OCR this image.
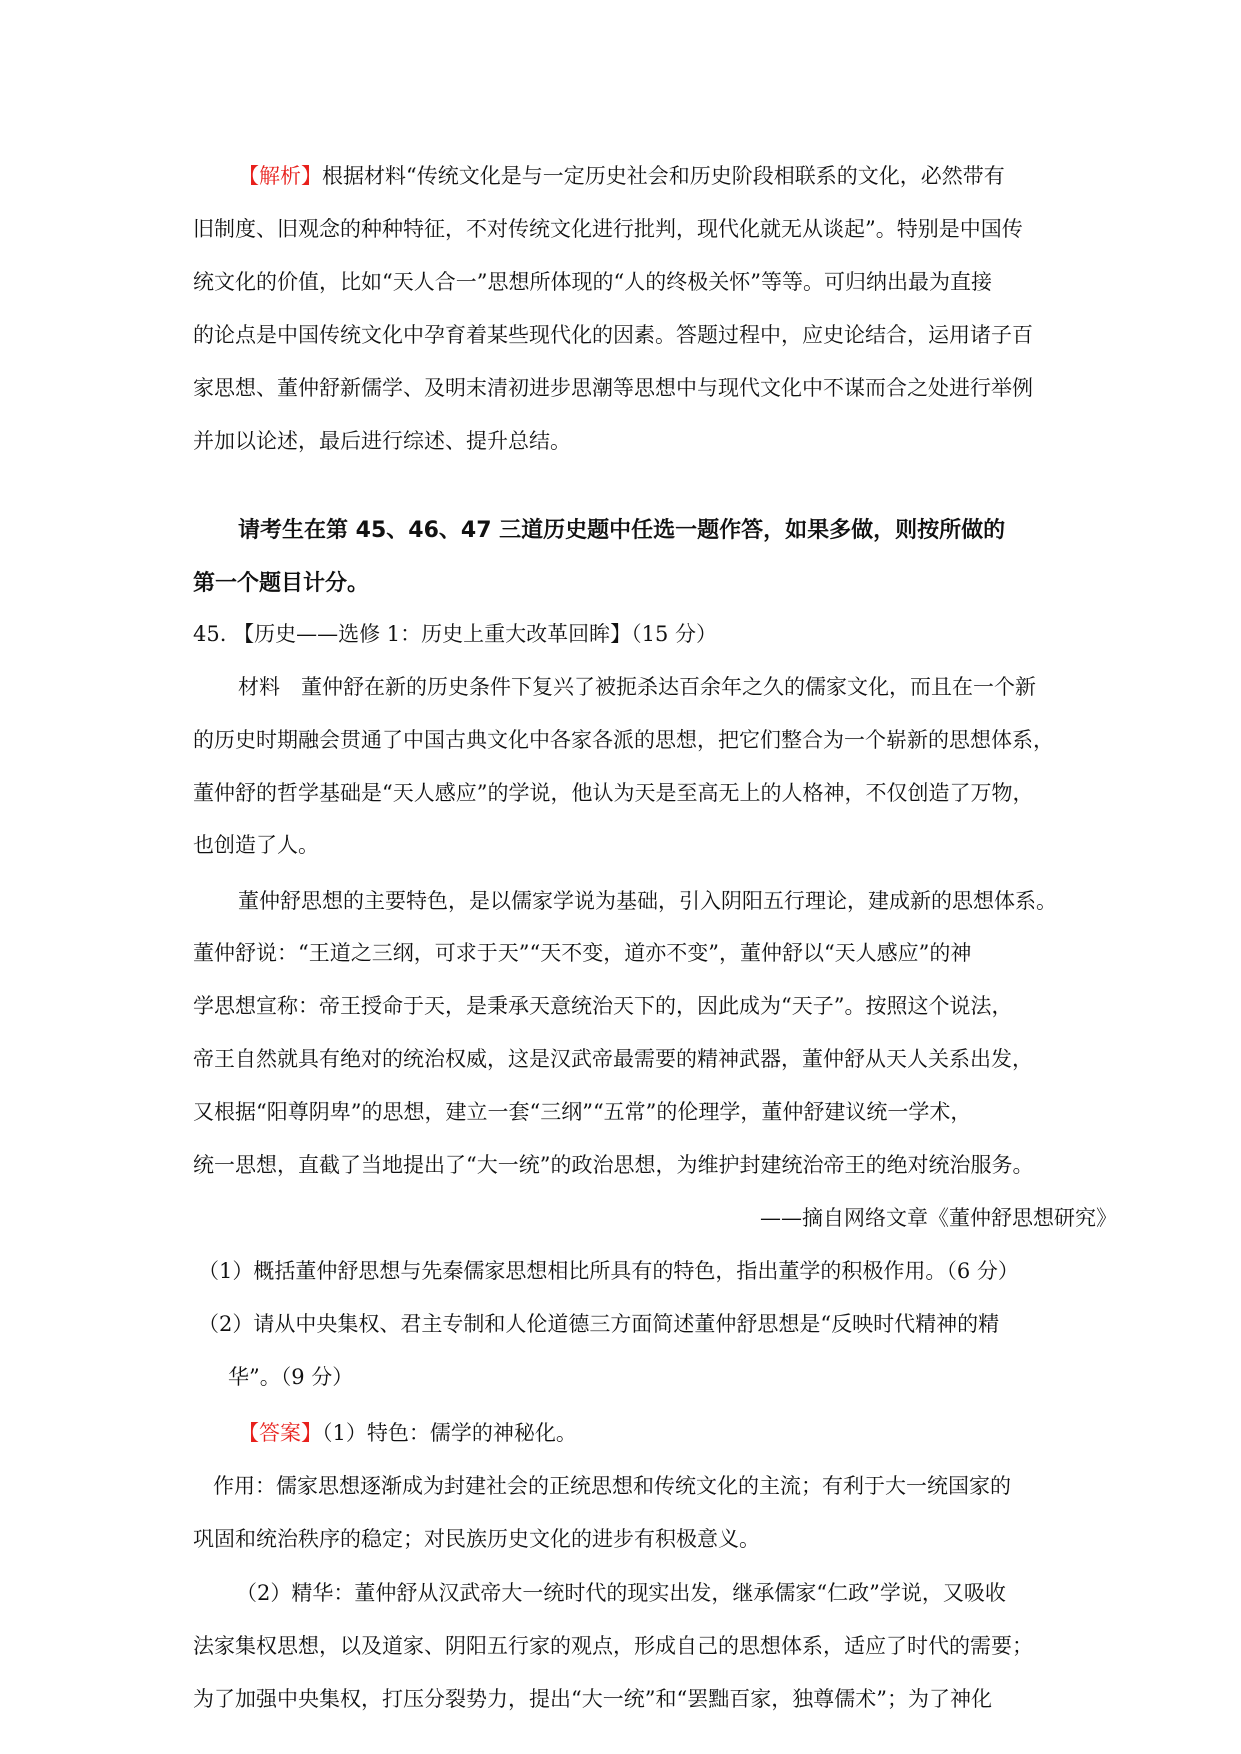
【解析】根据材料“传统文化是与一定历史社会和历史阶段相联系的文化，必然带有
旧制度、旧观念的种种特征，不对传统文化进行批判，现代化就无从谈起”。特别是中国传
统文化的价值，比如“天人合一”思想所体现的“人的终极关怀”等等。可归纳出最为直接
的论点是中国传统文化中孕育着某些现代化的因素。答题过程中，应史论结合，运用诸子百
家思想、董仲舒新儒学、及明末清初进步思潮等思想中与现代文化中不谋而合之处进行举例
并加以论述，最后进行综述、提升总结。
请考生在第 45、46、47 三道历史题中任选一题作答，如果多做，则按所做的
第一个题目计分。
45. 【历史——选修 1：历史上重大改革回眸】（15 分）
材料　董仲舒在新的历史条件下复兴了被扼杀达百余年之久的儒家文化，而且在一个新
的历史时期融会贯通了中国古典文化中各家各派的思想，把它们整合为一个崭新的思想体系，
董仲舒的哲学基础是“天人感应”的学说，他认为天是至高无上的人格神，不仅创造了万物，
也创造了人。
董仲舒思想的主要特色，是以儒家学说为基础，引入阴阳五行理论，建成新的思想体系。
董仲舒说：“王道之三纲，可求于天”“天不变，道亦不变”，董仲舒以“天人感应”的神
学思想宣称：帝王授命于天，是秉承天意统治天下的，因此成为“天子”。按照这个说法，
帝王自然就具有绝对的统治权威，这是汉武帝最需要的精神武器，董仲舒从天人关系出发，
又根据“阳尊阴卑”的思想，建立一套“三纲”“五常”的伦理学，董仲舒建议统一学术，
统一思想，直截了当地提出了“大一统”的政治思想，为维护封建统治帝王的绝对统治服务。
——摘自网络文章《董仲舒思想研究》
（1）概括董仲舒思想与先秦儒家思想相比所具有的特色，指出董学的积极作用。（6 分）
（2）请从中央集权、君主专制和人伦道德三方面简述董仲舒思想是“反映时代精神的精
华”。（9 分）
【答案】（1）特色：儒学的神秘化。
作用：儒家思想逐渐成为封建社会的正统思想和传统文化的主流；有利于大一统国家的
巩固和统治秩序的稳定；对民族历史文化的进步有积极意义。
（2）精华：董仲舒从汉武帝大一统时代的现实出发，继承儒家“仁政”学说，又吸收
法家集权思想，以及道家、阴阳五行家的观点，形成自己的思想体系，适应了时代的需要；
为了加强中央集权，打压分裂势力，提出“大一统”和“罢黜百家，独尊儒术”；为了神化
